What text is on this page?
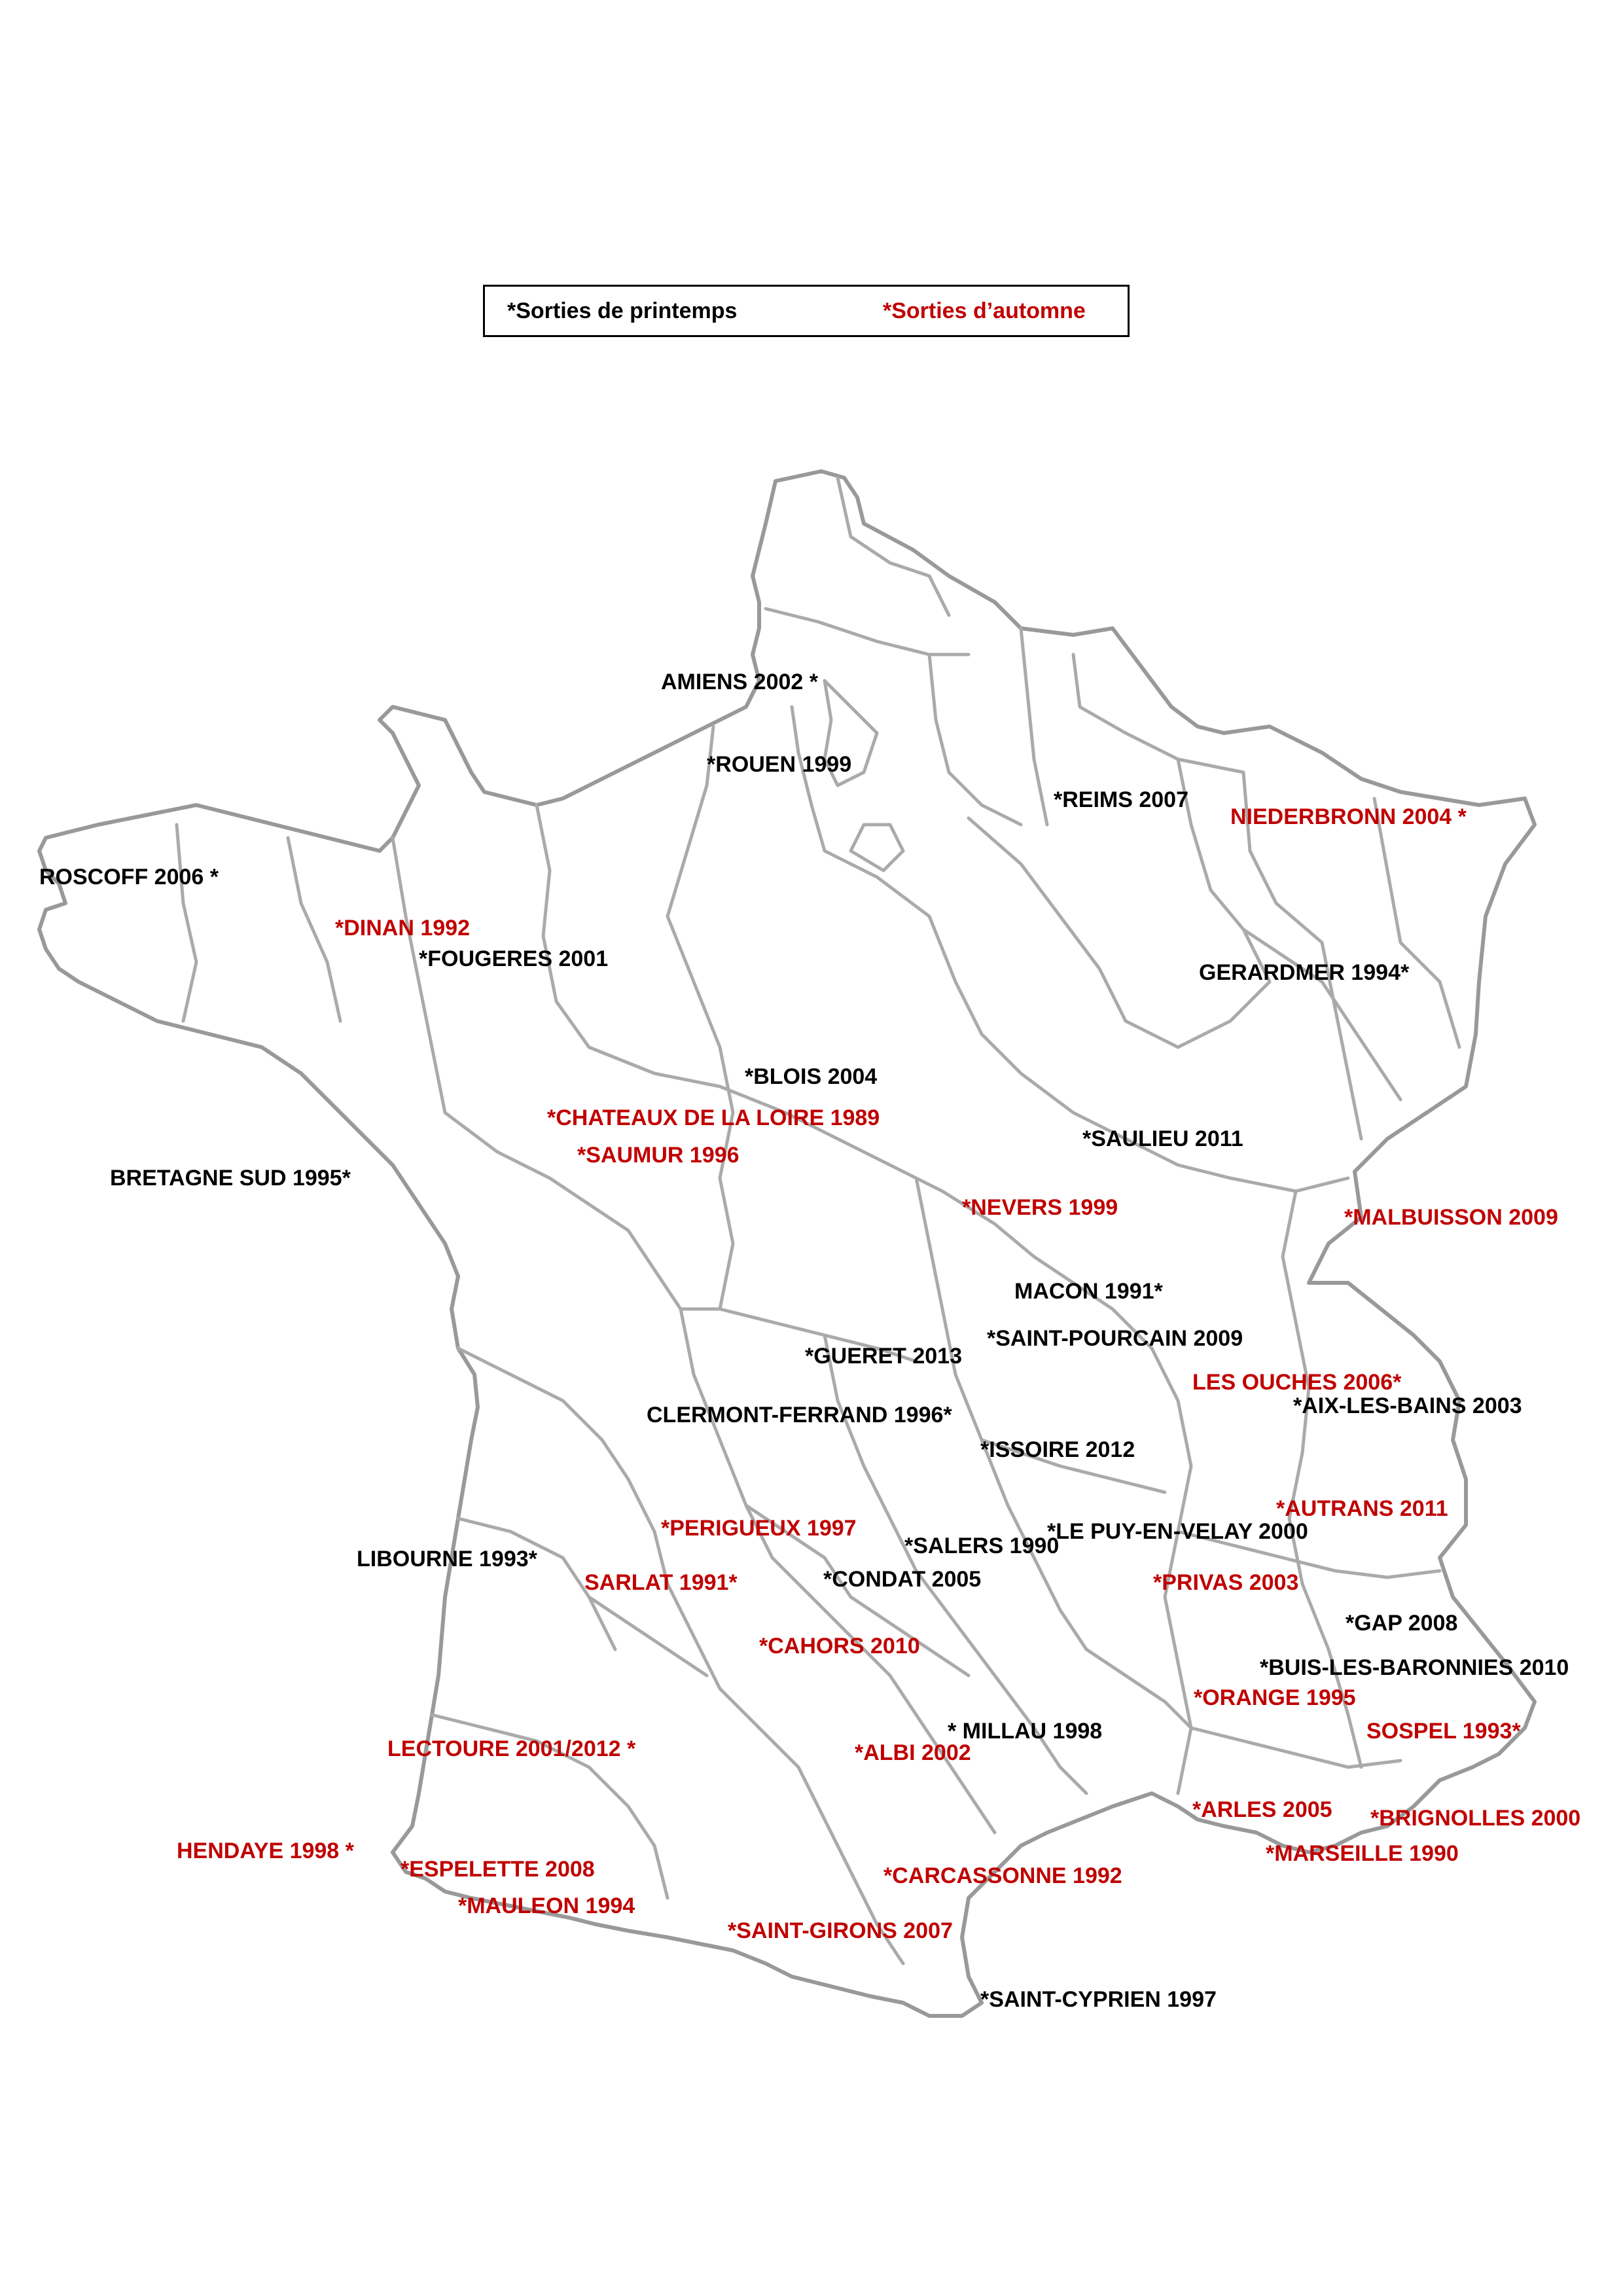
*Sorties de printemps	*Sorties d’automne
AMIENS 2002 *
*ROUEN 1999
*REIMS 2007
NIEDERBRONN 2004 *
ROSCOFF 2006 *
*DINAN 1992
*FOUGERES 2001
GERARDMER 1994*
*BLOIS 2004
*CHATEAUX DE LA LOIRE 1989
*SAULIEU 2011
*SAUMUR 1996
BRETAGNE SUD 1995*
*NEVERS 1999	*MALBUISSON 2009
MACON 1991*
*GUERET 2013
*SAINT-POURCAIN 2009
LES OUCHES 2006*
*AIX-LES-BAINS 2003
CLERMONT-FERRAND 1996*
*ISSOIRE 2012
*AUTRANS 2011
*PERIGUEUX 1997	*LE PUY-EN-VELAY 2000
*SALERS 1990
LIBOURNE 1993*
SARLAT 1991*	*CONDAT 2005	*PRIVAS 2003
*GAP 2008
*CAHORS 2010
*BUIS-LES-BARONNIES 2010
*ORANGE 1995
* MILLAU 1998	SOSPEL 1993*
LECTOURE 2001/2012 *	*ALBI 2002
*ARLES 2005 *BRIGNOLLES 2000
HENDAYE 1998 *	*MARSEILLE 1990
*ESPELETTE 2008	*CARCASSONNE 1992
*MAULEON 1994
*SAINT-GIRONS 2007
*SAINT-CYPRIEN 1997
